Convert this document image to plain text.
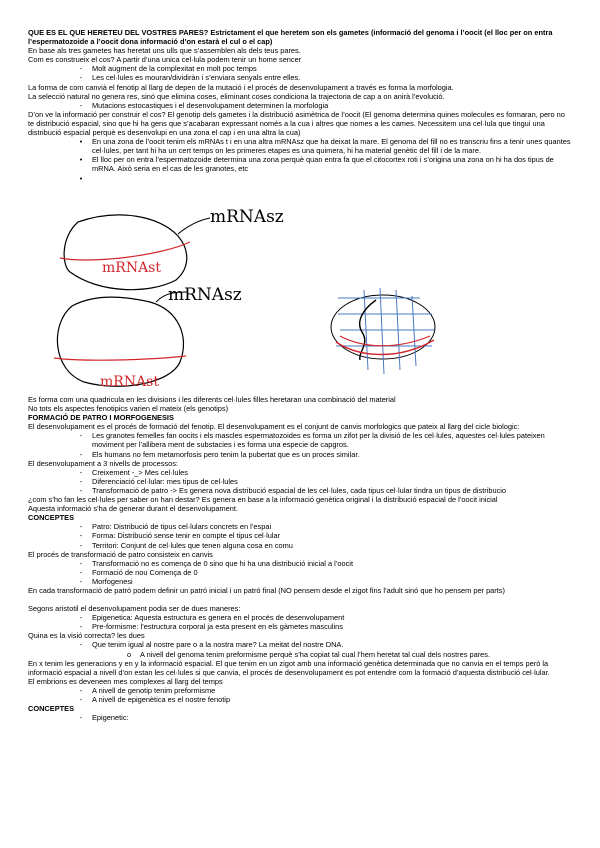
QUE ES EL QUE HERETEU DEL VOSTRES PARES? Estrictament el que heretem son els gametes (informació del genoma i l’oocit (el lloc per on entra l’espermatozoide a l’oocit dona informació d’on estarà el cul o el cap)
En base als tres gametes has heretat uns ulls que s’assemblen als dels teus pares.
Com es construeix el cos? A partir d’una unica cel·lula podem tenir un home sencer
-	Molt augment de la complexitat en molt poc temps
-	Les cel·lules es mouran/dividiràn i s’enviara senyals entre elles.
La forma de com canvià el fenotip al llarg de depen de la mutació i el procés de desenvolupament a través es forma la morfologia.
La selecció natural no genera res, sinó que elimina coses, eliminant coses condiciona la trajectoria de cap a on anirà l’evolució.
-	Mutacions estocastiques i el desenvolupament determinen la morfologia
D’on ve la informació per construir el cos? El genotip dels gametes i la distribució asimètrica de l’oocit (El genoma determina quines molecules es formaran, pero no te distribució espacial, sino que hi ha gens que s’acabaran expressant només a la cua i altres que nomes a les cames. Necessitem una cel·lula que tingui una distribució espacial perquè es desenvolupi en una zona el cap i en una altra la cua)
•	En una zona de l’oocit tenim els mRNAs t i en una altra mRNAsz que ha deixat la mare. El genoma del fill no es transcriu fins a tenir unes quantes cel·lules, per tant hi ha un cert temps on les primeres etapes es una quimera, hi ha material genètic del fill i de la mare.
•	El lloc per on entra l’espermatozoide determina una zona perquè quan entra fa que el citocortex roti i s’origina una zona on hi ha dos tipus de mRNA. Això seria en el cas de les granotes, etc
•
mRNAsz
mRNAst
mRNAsz
mRNAst
Es forma com una quadricula en les divisions i les diferents cel·lules filles heretaran una combinació del material
No tots els aspectes fenotipics varien el mateix (els genotips)
FORMACIÓ DE PATRO I MORFOGENESIS
El desenvolupament es el procés de formació del fenotip. El desenvolupament es el conjunt de canvis morfologics que pateix al llarg del cicle biologic:
-	Les granotes femelles fan oocits i els mascles espermatozoides es forma un zifot per la divisió de les cel·lules, aquestes cel·lules pateixen moviment per l’allibera ment de substacies i es forma una especie de capgros.
-	Els humans no fem metamorfosis pero tenim la pubertat que es un proces similar.
El desenvolupament a 3 nivells de processos:
-	Creixement -_> Mes cel·lules
-	Diferenciació cel·lular: mes tipus de cel·lules
-	Transformació de patro -> Es genera nova distribució espacial de les cel·lules, cada tipus cel·lular tindra un tipus de distribucio
¿com s’ho fan les cel·lules per saber on han destar? Es genera en base a la informació genètica original i la distribució espacial de l’oocit inicial
Aquesta informació s’ha de generar durant el desenvolupament.
CONCEPTES
-	Patro: Distribució de tipus cel·lulars concrets en l’espai
-	Forma: Distribució sense tenir en compte el tipus cel·lular
-	Territori: Conjunt de cel·lules que tenen alguna cosa en comu
El procés de transformació de patro consisteix en canvis
-	Transformació no es comença de 0 sino que hi ha una distribució inicial a l’oocit
-	Formació de nou Comença de 0
-	Morfogenesi
En cada transformació de patró podem definir un patró inicial i un patró final (NO pensem desde el zigot fins l’adult sinó que ho pensem per parts)
Segons aristotil el desenvolupament podia ser de dues maneres:
-	Epigenetica: Aquesta estructura es genera en el procés de desenvolupament
-	Pre-formisme: l’estructura corporal ja esta present en els gàmetes masculins
Quina es la visió correcta? les dues
-	Que tenim igual al nostre pare o a la nostra mare? La meitat del nostre DNA.
o	A nivell del genoma tenim preformisme perquè s’ha copiat tal cual l’hem heretat tal cual dels nostres pares.
En x tenim les generacions y en y la informació espacial. El que tenim en un zigot amb una informació genètica determinada que no canvia en el temps però la informació espacial a nivell d’on estan les cel·lules si que canvia, el procés de desenvolupament es pot entendre com la formació d’aquesta distribució cel·lular.
El embrions es deveneen mes complexes al llarg del temps
-	A nivell de genotip tenim preformisme
-	A nivell de epigenètica es el nostre fenotip
CONCEPTES
-	Epigenetic:
